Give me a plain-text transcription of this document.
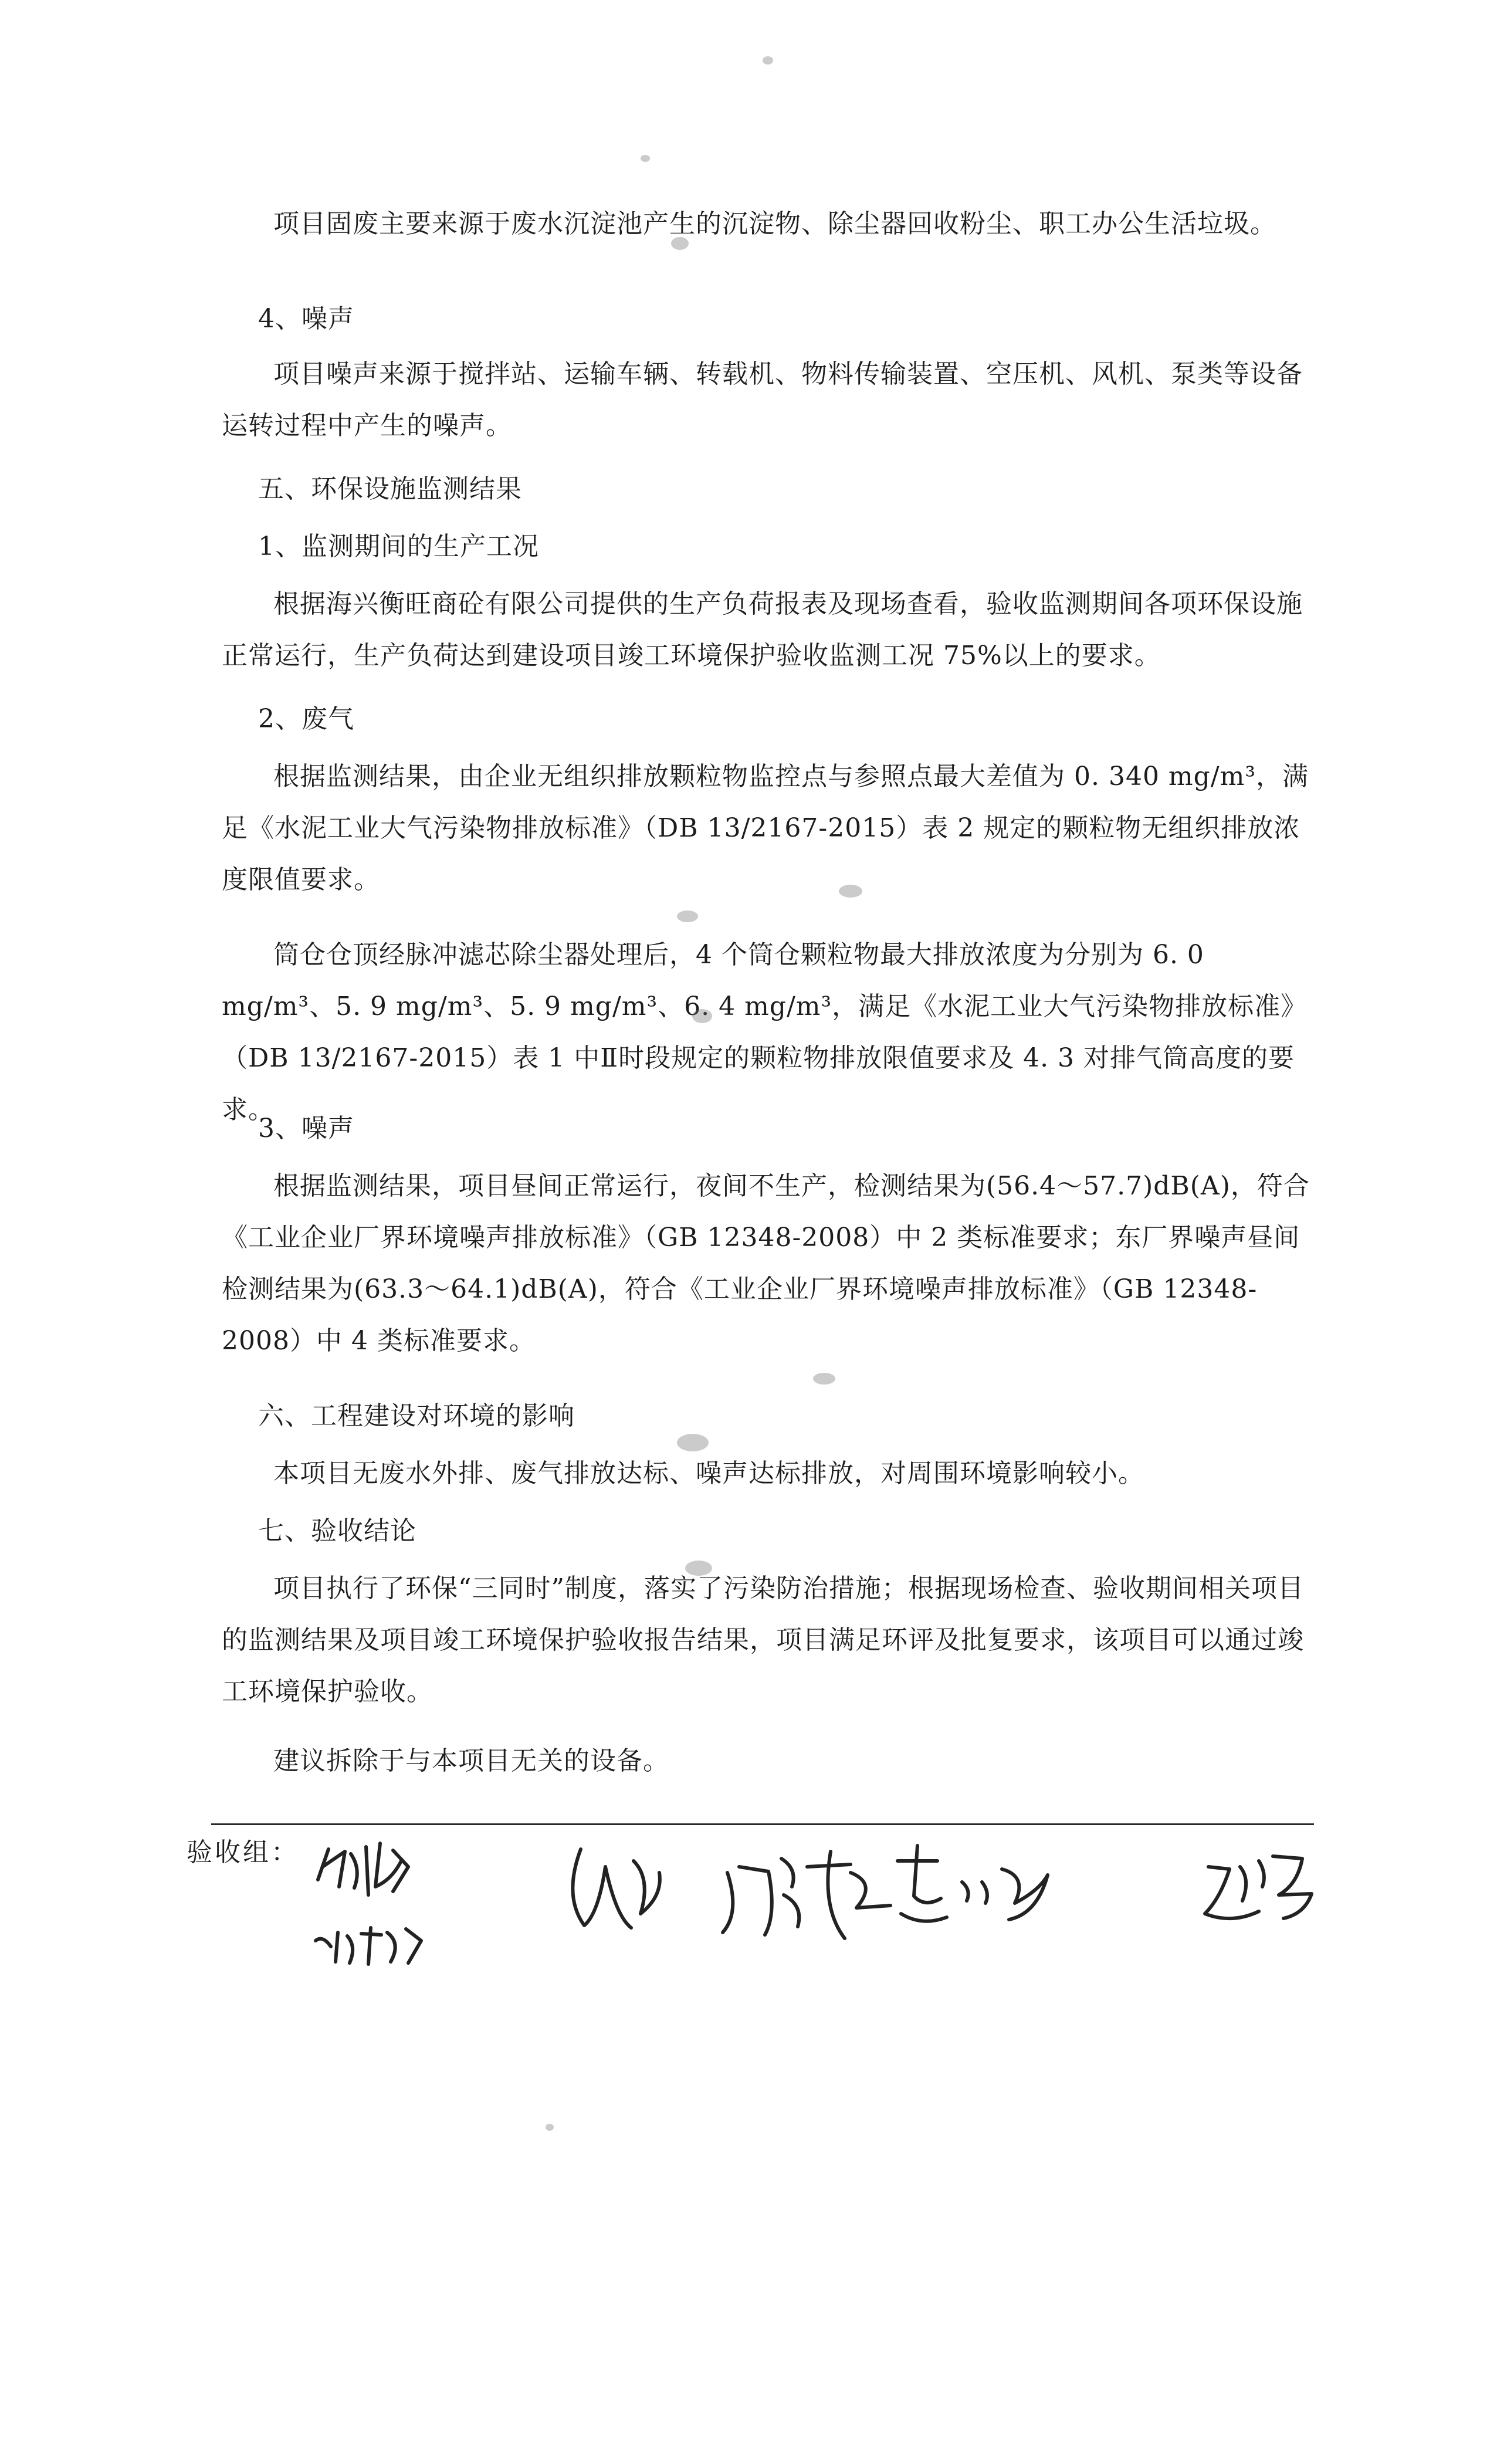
项目固废主要来源于废水沉淀池产生的沉淀物、除尘器回收粉尘、职工办公生活垃圾。

4、噪声

项目噪声来源于搅拌站、运输车辆、转载机、物料传输装置、空压机、风机、泵类等设备运转过程中产生的噪声。

五、环保设施监测结果

1、监测期间的生产工况

根据海兴衡旺商砼有限公司提供的生产负荷报表及现场查看，验收监测期间各项环保设施正常运行，生产负荷达到建设项目竣工环境保护验收监测工况 75%以上的要求。

2、废气

根据监测结果，由企业无组织排放颗粒物监控点与参照点最大差值为 0. 340 mg/m³，满足《水泥工业大气污染物排放标准》（DB 13/2167-2015）表 2 规定的颗粒物无组织排放浓度限值要求。

筒仓仓顶经脉冲滤芯除尘器处理后，4 个筒仓颗粒物最大排放浓度为分别为 6. 0 mg/m³、5. 9 mg/m³、5. 9 mg/m³、6. 4 mg/m³，满足《水泥工业大气污染物排放标准》（DB 13/2167-2015）表 1 中Ⅱ时段规定的颗粒物排放限值要求及 4. 3 对排气筒高度的要求。

3、噪声

根据监测结果，项目昼间正常运行，夜间不生产，检测结果为(56.4～57.7)dB(A)，符合《工业企业厂界环境噪声排放标准》（GB 12348-2008）中 2 类标准要求；东厂界噪声昼间检测结果为(63.3～64.1)dB(A)，符合《工业企业厂界环境噪声排放标准》（GB 12348-2008）中 4 类标准要求。

六、工程建设对环境的影响

本项目无废水外排、废气排放达标、噪声达标排放，对周围环境影响较小。

七、验收结论

项目执行了环保“三同时”制度，落实了污染防治措施；根据现场检查、验收期间相关项目的监测结果及项目竣工环境保护验收报告结果，项目满足环评及批复要求，该项目可以通过竣工环境保护验收。

建议拆除于与本项目无关的设备。

验收组：
